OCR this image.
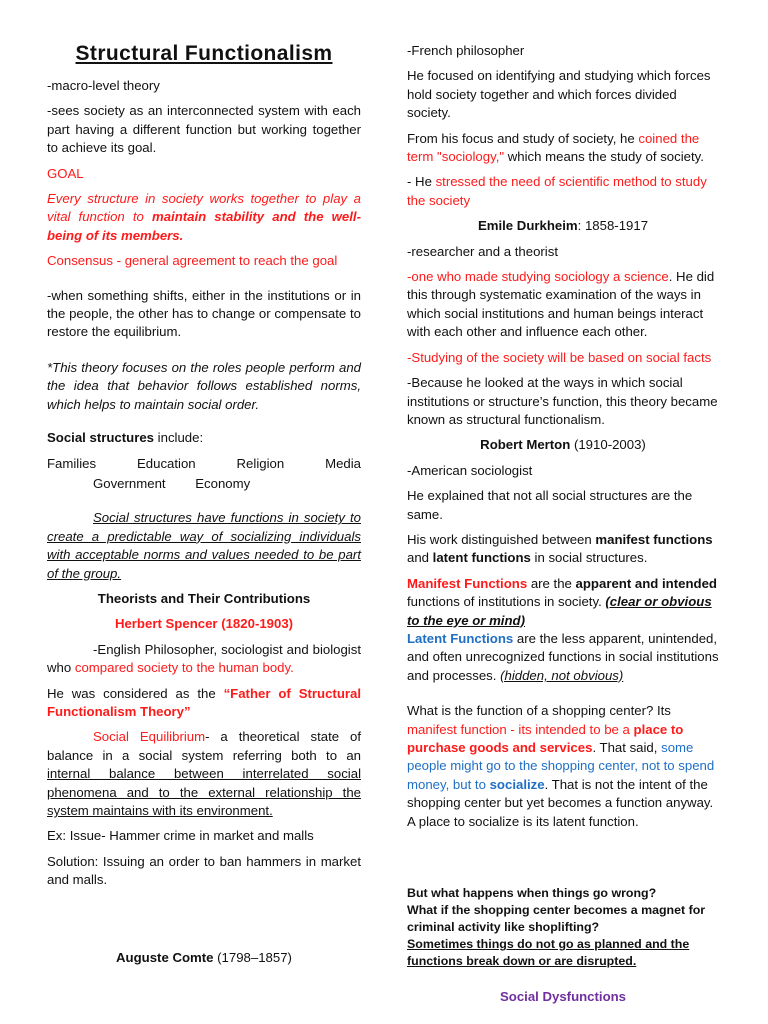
Structural Functionalism

-macro-level theory

-sees society as an interconnected system with each part having a different function but working together to achieve its goal.

GOAL

Every structure in society works together to play a vital function to maintain stability and the well-being of its members.

Consensus - general agreement to reach the goal

-when something shifts, either in the institutions or in the people, the other has to change or compensate to restore the equilibrium.

*This theory focuses on the roles people perform and the idea that behavior follows established norms, which helps to maintain social order.

Social structures include:

Families	Education	Religion	Media
Government Economy

Social structures have functions in society to create a predictable way of socializing individuals with acceptable norms and values needed to be part of the group.

Theorists and Their Contributions

Herbert Spencer (1820-1903)

-English Philosopher, sociologist and biologist who compared society to the human body.

He was considered as the “Father of Structural Functionalism Theory”

Social Equilibrium- a theoretical state of balance in a social system referring both to an internal balance between interrelated social phenomena and to the external relationship the system maintains with its environment.

Ex: Issue- Hammer crime in market and malls

Solution: Issuing an order to ban hammers in market and malls.

Auguste Comte (1798–1857)

-French philosopher

He focused on identifying and studying which forces hold society together and which forces divided society.

From his focus and study of society, he coined the term "sociology," which means the study of society.

- He stressed the need of scientific method to study the society

Emile Durkheim: 1858-1917

-researcher and a theorist

-one who made studying sociology a science. He did this through systematic examination of the ways in which social institutions and human beings interact with each other and influence each other.

-Studying of the society will be based on social facts

-Because he looked at the ways in which social institutions or structure’s function, this theory became known as structural functionalism.

Robert Merton (1910-2003)

-American sociologist

He explained that not all social structures are the same.

His work distinguished between manifest functions and latent functions in social structures.

Manifest Functions are the apparent and intended functions of institutions in society. (clear or obvious to the eye or mind)

Latent Functions are the less apparent, unintended, and often unrecognized functions in social institutions and processes. (hidden, not obvious)

What is the function of a shopping center? Its manifest function - its intended to be a place to purchase goods and services. That said, some people might go to the shopping center, not to spend money, but to socialize. That is not the intent of the shopping center but yet becomes a function anyway. A place to socialize is its latent function.

But what happens when things go wrong?

What if the shopping center becomes a magnet for criminal activity like shoplifting?

Sometimes things do not go as planned and the functions break down or are disrupted.

Social Dysfunctions
